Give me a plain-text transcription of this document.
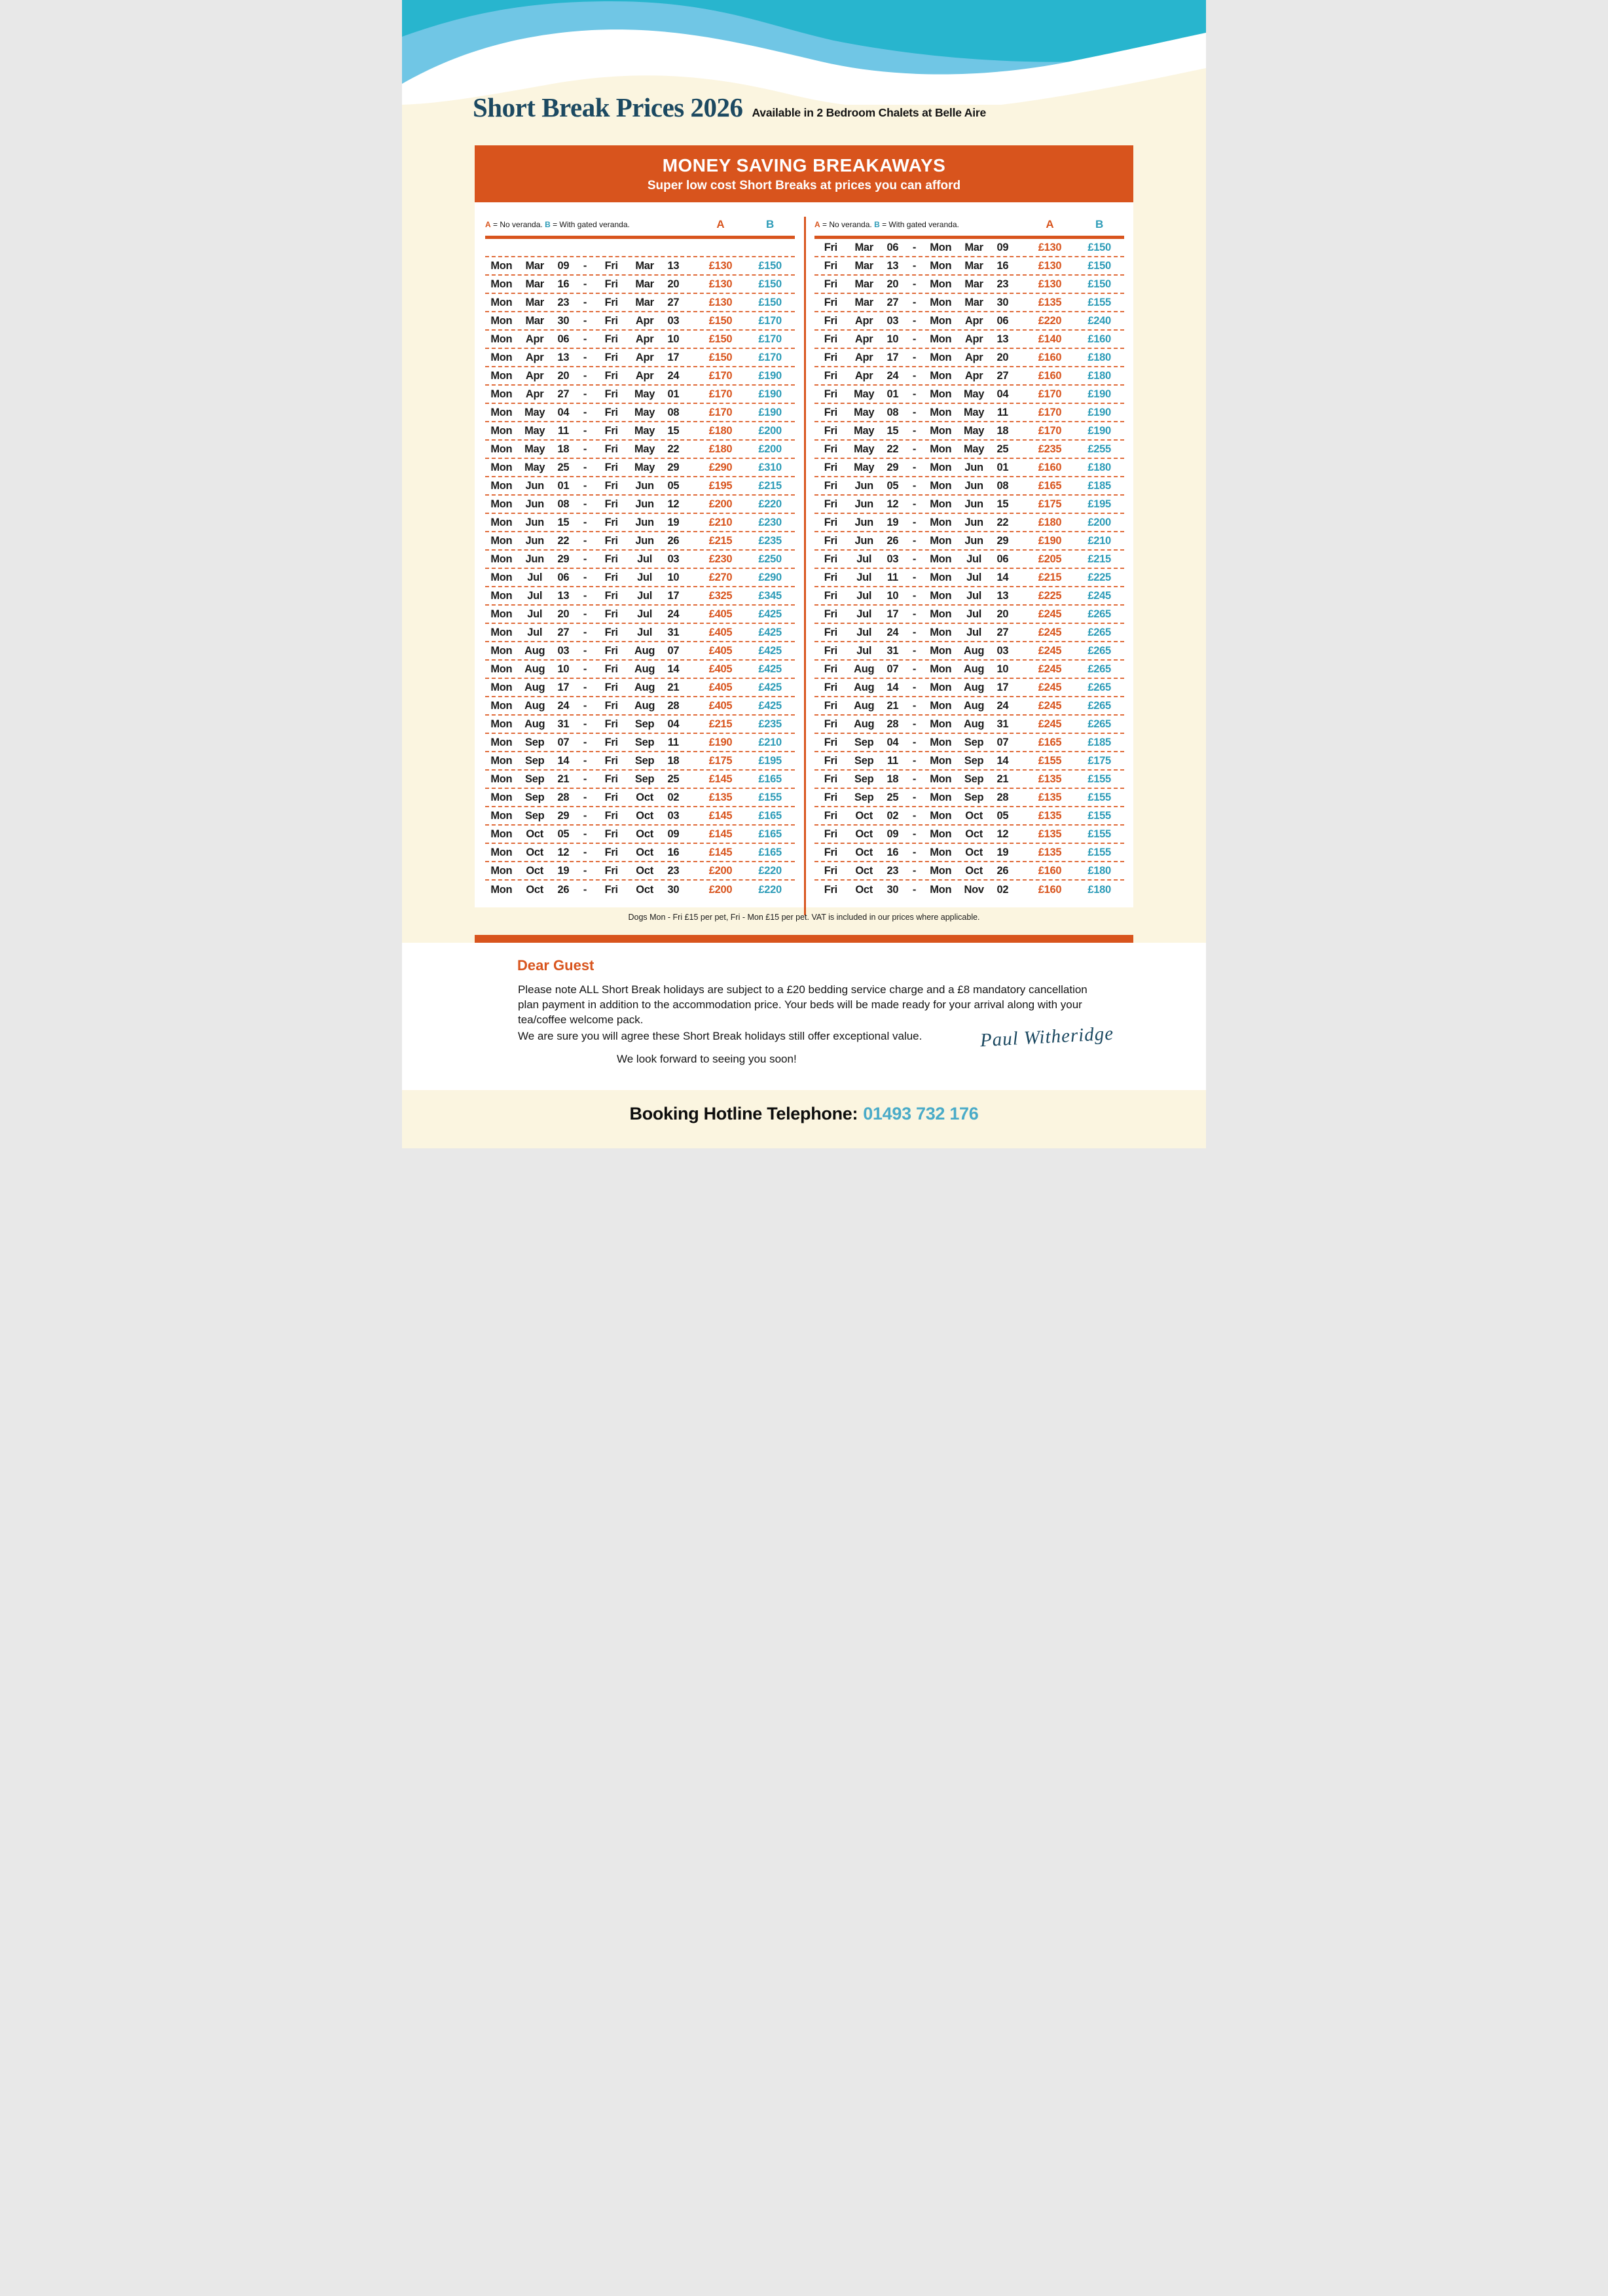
Short Break Prices 2026 Available in 2 Bedroom Chalets at Belle Aire
MONEY SAVING BREAKAWAYS
Super low cost Short Breaks at prices you can afford
A = No veranda. B = With gated veranda.	A	B
Mon	Mar	09	-	Fri	Mar	13	£130	£150
Mon	Mar	16	-	Fri	Mar	20	£130	£150
Mon	Mar	23	-	Fri	Mar	27	£130	£150
Mon	Mar	30	-	Fri	Apr	03	£150	£170
Mon	Apr	06	-	Fri	Apr	10	£150	£170
Mon	Apr	13	-	Fri	Apr	17	£150	£170
Mon	Apr	20	-	Fri	Apr	24	£170	£190
Mon	Apr	27	-	Fri	May	01	£170	£190
Mon	May	04	-	Fri	May	08	£170	£190
Mon	May	11	-	Fri	May	15	£180	£200
Mon	May	18	-	Fri	May	22	£180	£200
Mon	May	25	-	Fri	May	29	£290	£310
Mon	Jun	01	-	Fri	Jun	05	£195	£215
Mon	Jun	08	-	Fri	Jun	12	£200	£220
Mon	Jun	15	-	Fri	Jun	19	£210	£230
Mon	Jun	22	-	Fri	Jun	26	£215	£235
Mon	Jun	29	-	Fri	Jul	03	£230	£250
Mon	Jul	06	-	Fri	Jul	10	£270	£290
Mon	Jul	13	-	Fri	Jul	17	£325	£345
Mon	Jul	20	-	Fri	Jul	24	£405	£425
Mon	Jul	27	-	Fri	Jul	31	£405	£425
Mon	Aug	03	-	Fri	Aug	07	£405	£425
Mon	Aug	10	-	Fri	Aug	14	£405	£425
Mon	Aug	17	-	Fri	Aug	21	£405	£425
Mon	Aug	24	-	Fri	Aug	28	£405	£425
Mon	Aug	31	-	Fri	Sep	04	£215	£235
Mon	Sep	07	-	Fri	Sep	11	£190	£210
Mon	Sep	14	-	Fri	Sep	18	£175	£195
Mon	Sep	21	-	Fri	Sep	25	£145	£165
Mon	Sep	28	-	Fri	Oct	02	£135	£155
Mon	Sep	29	-	Fri	Oct	03	£145	£165
Mon	Oct	05	-	Fri	Oct	09	£145	£165
Mon	Oct	12	-	Fri	Oct	16	£145	£165
Mon	Oct	19	-	Fri	Oct	23	£200	£220
Mon	Oct	26	-	Fri	Oct	30	£200	£220
A = No veranda. B = With gated veranda.	A	B
Fri	Mar	06	-	Mon	Mar	09	£130	£150
Fri	Mar	13	-	Mon	Mar	16	£130	£150
Fri	Mar	20	-	Mon	Mar	23	£130	£150
Fri	Mar	27	-	Mon	Mar	30	£135	£155
Fri	Apr	03	-	Mon	Apr	06	£220	£240
Fri	Apr	10	-	Mon	Apr	13	£140	£160
Fri	Apr	17	-	Mon	Apr	20	£160	£180
Fri	Apr	24	-	Mon	Apr	27	£160	£180
Fri	May	01	-	Mon	May	04	£170	£190
Fri	May	08	-	Mon	May	11	£170	£190
Fri	May	15	-	Mon	May	18	£170	£190
Fri	May	22	-	Mon	May	25	£235	£255
Fri	May	29	-	Mon	Jun	01	£160	£180
Fri	Jun	05	-	Mon	Jun	08	£165	£185
Fri	Jun	12	-	Mon	Jun	15	£175	£195
Fri	Jun	19	-	Mon	Jun	22	£180	£200
Fri	Jun	26	-	Mon	Jun	29	£190	£210
Fri	Jul	03	-	Mon	Jul	06	£205	£215
Fri	Jul	11	-	Mon	Jul	14	£215	£225
Fri	Jul	10	-	Mon	Jul	13	£225	£245
Fri	Jul	17	-	Mon	Jul	20	£245	£265
Fri	Jul	24	-	Mon	Jul	27	£245	£265
Fri	Jul	31	-	Mon	Aug	03	£245	£265
Fri	Aug	07	-	Mon	Aug	10	£245	£265
Fri	Aug	14	-	Mon	Aug	17	£245	£265
Fri	Aug	21	-	Mon	Aug	24	£245	£265
Fri	Aug	28	-	Mon	Aug	31	£245	£265
Fri	Sep	04	-	Mon	Sep	07	£165	£185
Fri	Sep	11	-	Mon	Sep	14	£155	£175
Fri	Sep	18	-	Mon	Sep	21	£135	£155
Fri	Sep	25	-	Mon	Sep	28	£135	£155
Fri	Oct	02	-	Mon	Oct	05	£135	£155
Fri	Oct	09	-	Mon	Oct	12	£135	£155
Fri	Oct	16	-	Mon	Oct	19	£135	£155
Fri	Oct	23	-	Mon	Oct	26	£160	£180
Fri	Oct	30	-	Mon	Nov	02	£160	£180
Dogs Mon - Fri £15 per pet, Fri - Mon £15 per pet. VAT is included in our prices where applicable.
Dear Guest

Please note ALL Short Break holidays are subject to a £20 bedding service charge and a £8 mandatory cancellation plan payment in addition to the accommodation price. Your beds will be made ready for your arrival along with your tea/coffee welcome pack.

We are sure you will agree these Short Break holidays still offer exceptional value.

We look forward to seeing you soon!

Paul Witheridge
Booking Hotline Telephone: 01493 732 176
